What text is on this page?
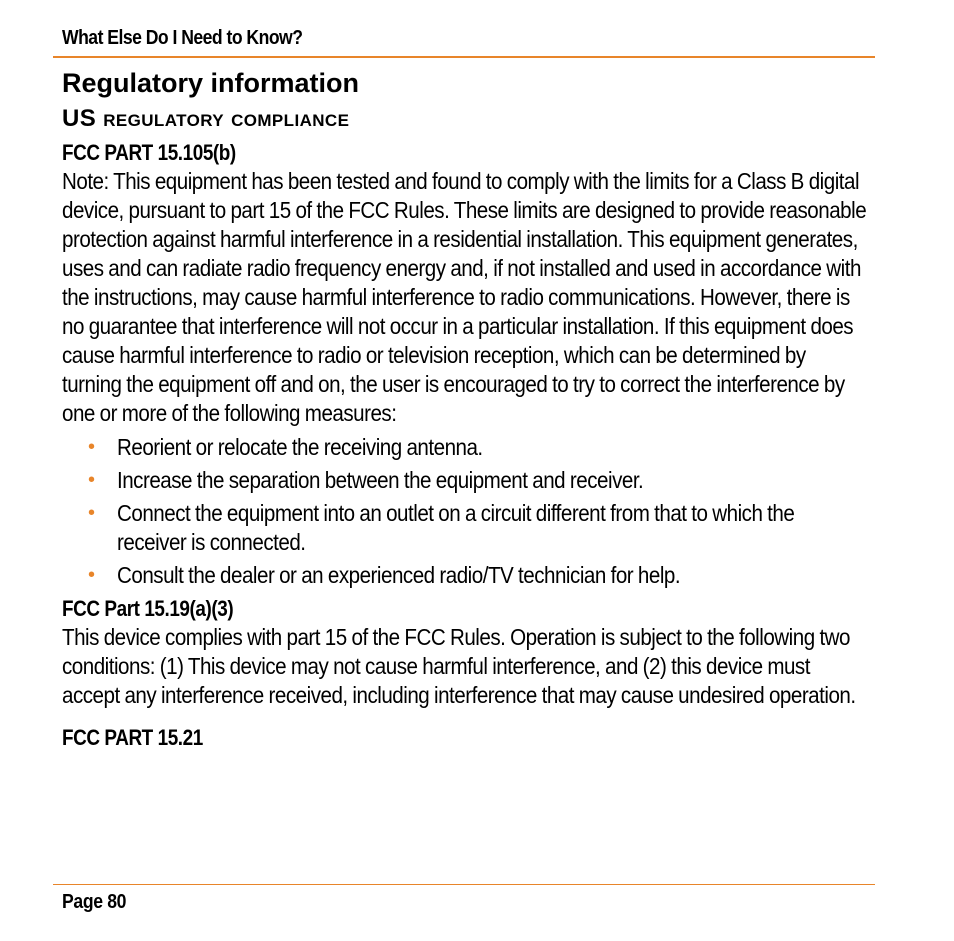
What Else Do I Need to Know?
Regulatory information
US regulatory compliance
FCC PART 15.105(b)

Note: This equipment has been tested and found to comply with the limits for a Class B digital device, pursuant to part 15 of the FCC Rules. These limits are designed to provide reasonable protection against harmful interference in a residential installation. This equipment generates, uses and can radiate radio frequency energy and, if not installed and used in accordance with the instructions, may cause harmful interference to radio communications. However, there is no guarantee that interference will not occur in a particular installation. If this equipment does cause harmful interference to radio or television reception, which can be determined by turning the equipment off and on, the user is encouraged to try to correct the interference by one or more of the following measures:

• Reorient or relocate the receiving antenna.
• Increase the separation between the equipment and receiver.
• Connect the equipment into an outlet on a circuit different from that to which the receiver is connected.
• Consult the dealer or an experienced radio/TV technician for help.
FCC Part 15.19(a)(3)

This device complies with part 15 of the FCC Rules. Operation is subject to the following two conditions: (1) This device may not cause harmful interference, and (2) this device must accept any interference received, including interference that may cause undesired operation.

FCC PART 15.21
Page 80
